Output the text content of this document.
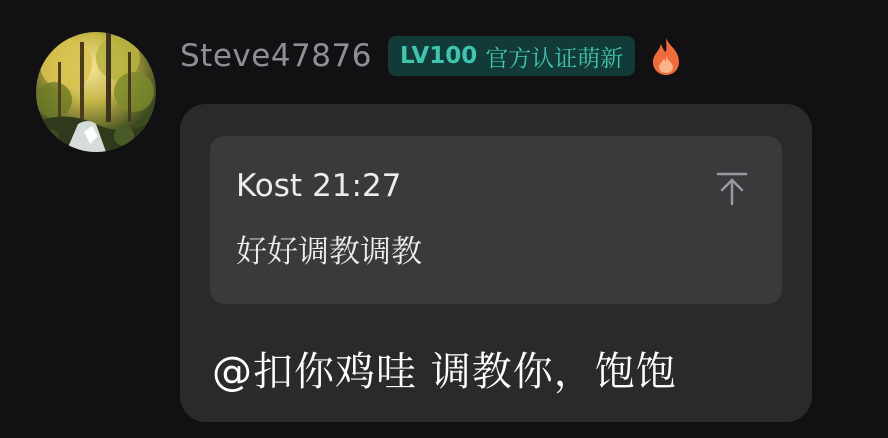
Steve47876 LV100 官方认证萌新
Kost 21:27
好好调教调教
@扣你鸡哇 调教你，饱饱
